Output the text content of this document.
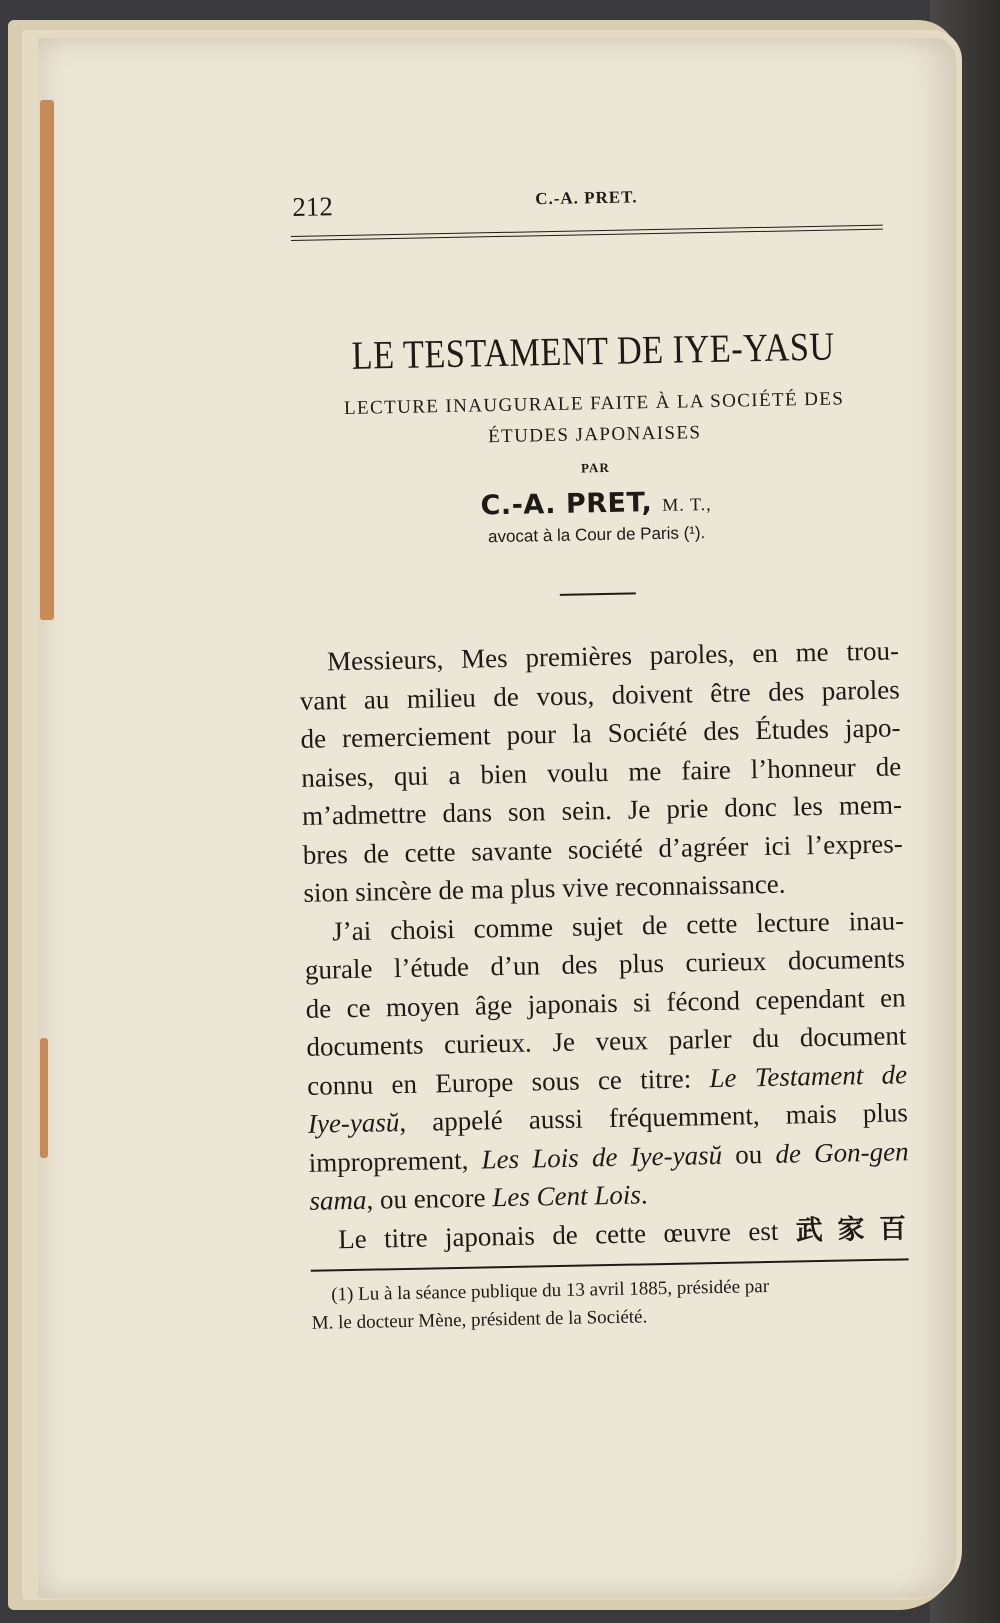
212	C.-A. PRET.
LE TESTAMENT DE IYE-YASU
LECTURE INAUGURALE FAITE À LA SOCIÉTÉ DES
ÉTUDES JAPONAISES
PAR
C.-A. PRET, M. T.,
avocat à la Cour de Paris (¹).

Messieurs, Mes premières paroles, en me trou-

vant au milieu de vous, doivent être des paroles

de remerciement pour la Société des Études japo-

naises, qui a bien voulu me faire l’honneur de

m’admettre dans son sein. Je prie donc les mem-

bres de cette savante société d’agréer ici l’expres-

sion sincère de ma plus vive reconnaissance.

J’ai choisi comme sujet de cette lecture inau-

gurale l’étude d’un des plus curieux documents

de ce moyen âge japonais si fécond cependant en

documents curieux. Je veux parler du document

connu en Europe sous ce titre: Le Testament de

Iye-yasŭ, appelé aussi fréquemment, mais plus

improprement, Les Lois de Iye-yasŭ ou de Gon-gen

sama, ou encore Les Cent Lois.

Le titre japonais de cette œuvre est 武家百

(1) Lu à la séance publique du 13 avril 1885, présidée par
M. le docteur Mène, président de la Société.
